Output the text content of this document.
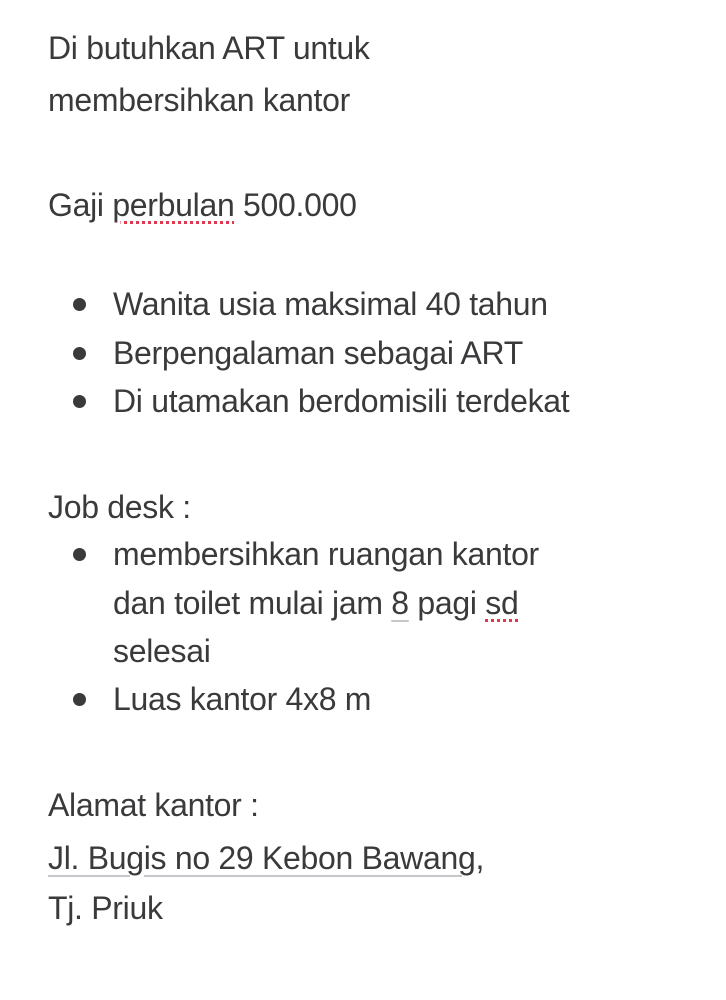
Di butuhkan ART untuk
membersihkan kantor
Gaji perbulan 500.000
Wanita usia maksimal 40 tahun
Berpengalaman sebagai ART
Di utamakan berdomisili terdekat
Job desk :
membersihkan ruangan kantor
dan toilet mulai jam 8 pagi sd
selesai
Luas kantor 4x8 m
Alamat kantor :
Jl. Bugis no 29 Kebon Bawang,
Tj. Priuk
